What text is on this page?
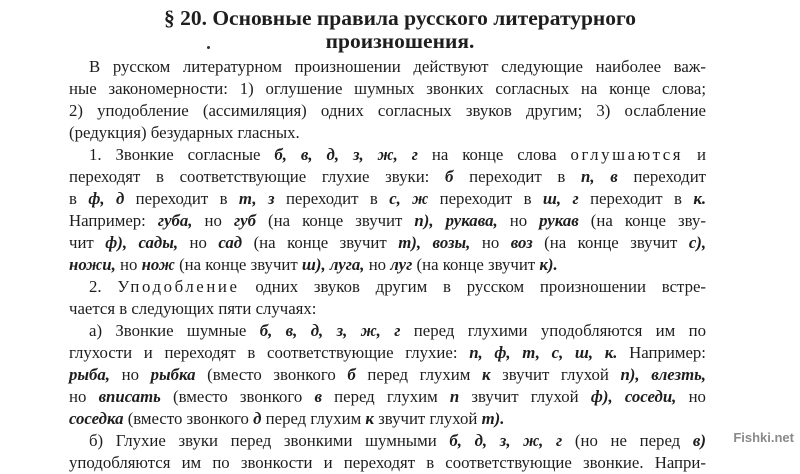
§ 20. Основные правила русского литературного

произношения.

В русском литературном произношении действуют следующие наиболее важ-

ные закономерности: 1) оглушение шумных звонких согласных на конце слова;

2) уподобление (ассимиляция) одних согласных звуков другим; 3) ослабление

(редукция) безударных гласных.

1. Звонкие согласные б, в, д, з, ж, г на конце слова оглушаются и

переходят в соответствующие глухие звуки: б переходит в п, в переходит

в ф, д переходит в т, з переходит в с, ж переходит в ш, г переходит в к.

Например: губа, но губ (на конце звучит п), рукава, но рукав (на конце зву-

чит ф), сады, но сад (на конце звучит т), возы, но воз (на конце звучит с),

ножи, но нож (на конце звучит ш), луга, но луг (на конце звучит к).

2. Уподобление одних звуков другим в русском произношении встре-

чается в следующих пяти случаях:

а) Звонкие шумные б, в, д, з, ж, г перед глухими уподобляются им по

глухости и переходят в соответствующие глухие: п, ф, т, с, ш, к. Например:

рыба, но рыбка (вместо звонкого б перед глухим к звучит глухой п), влезть,

но вписать (вместо звонкого в перед глухим п звучит глухой ф), соседи, но

соседка (вместо звонкого д перед глухим к звучит глухой т).

б) Глухие звуки перед звонкими шумными б, д, з, ж, г (но не перед в)

уподобляются им по звонкости и переходят в соответствующие звонкие. Напри-

Fishki.net
